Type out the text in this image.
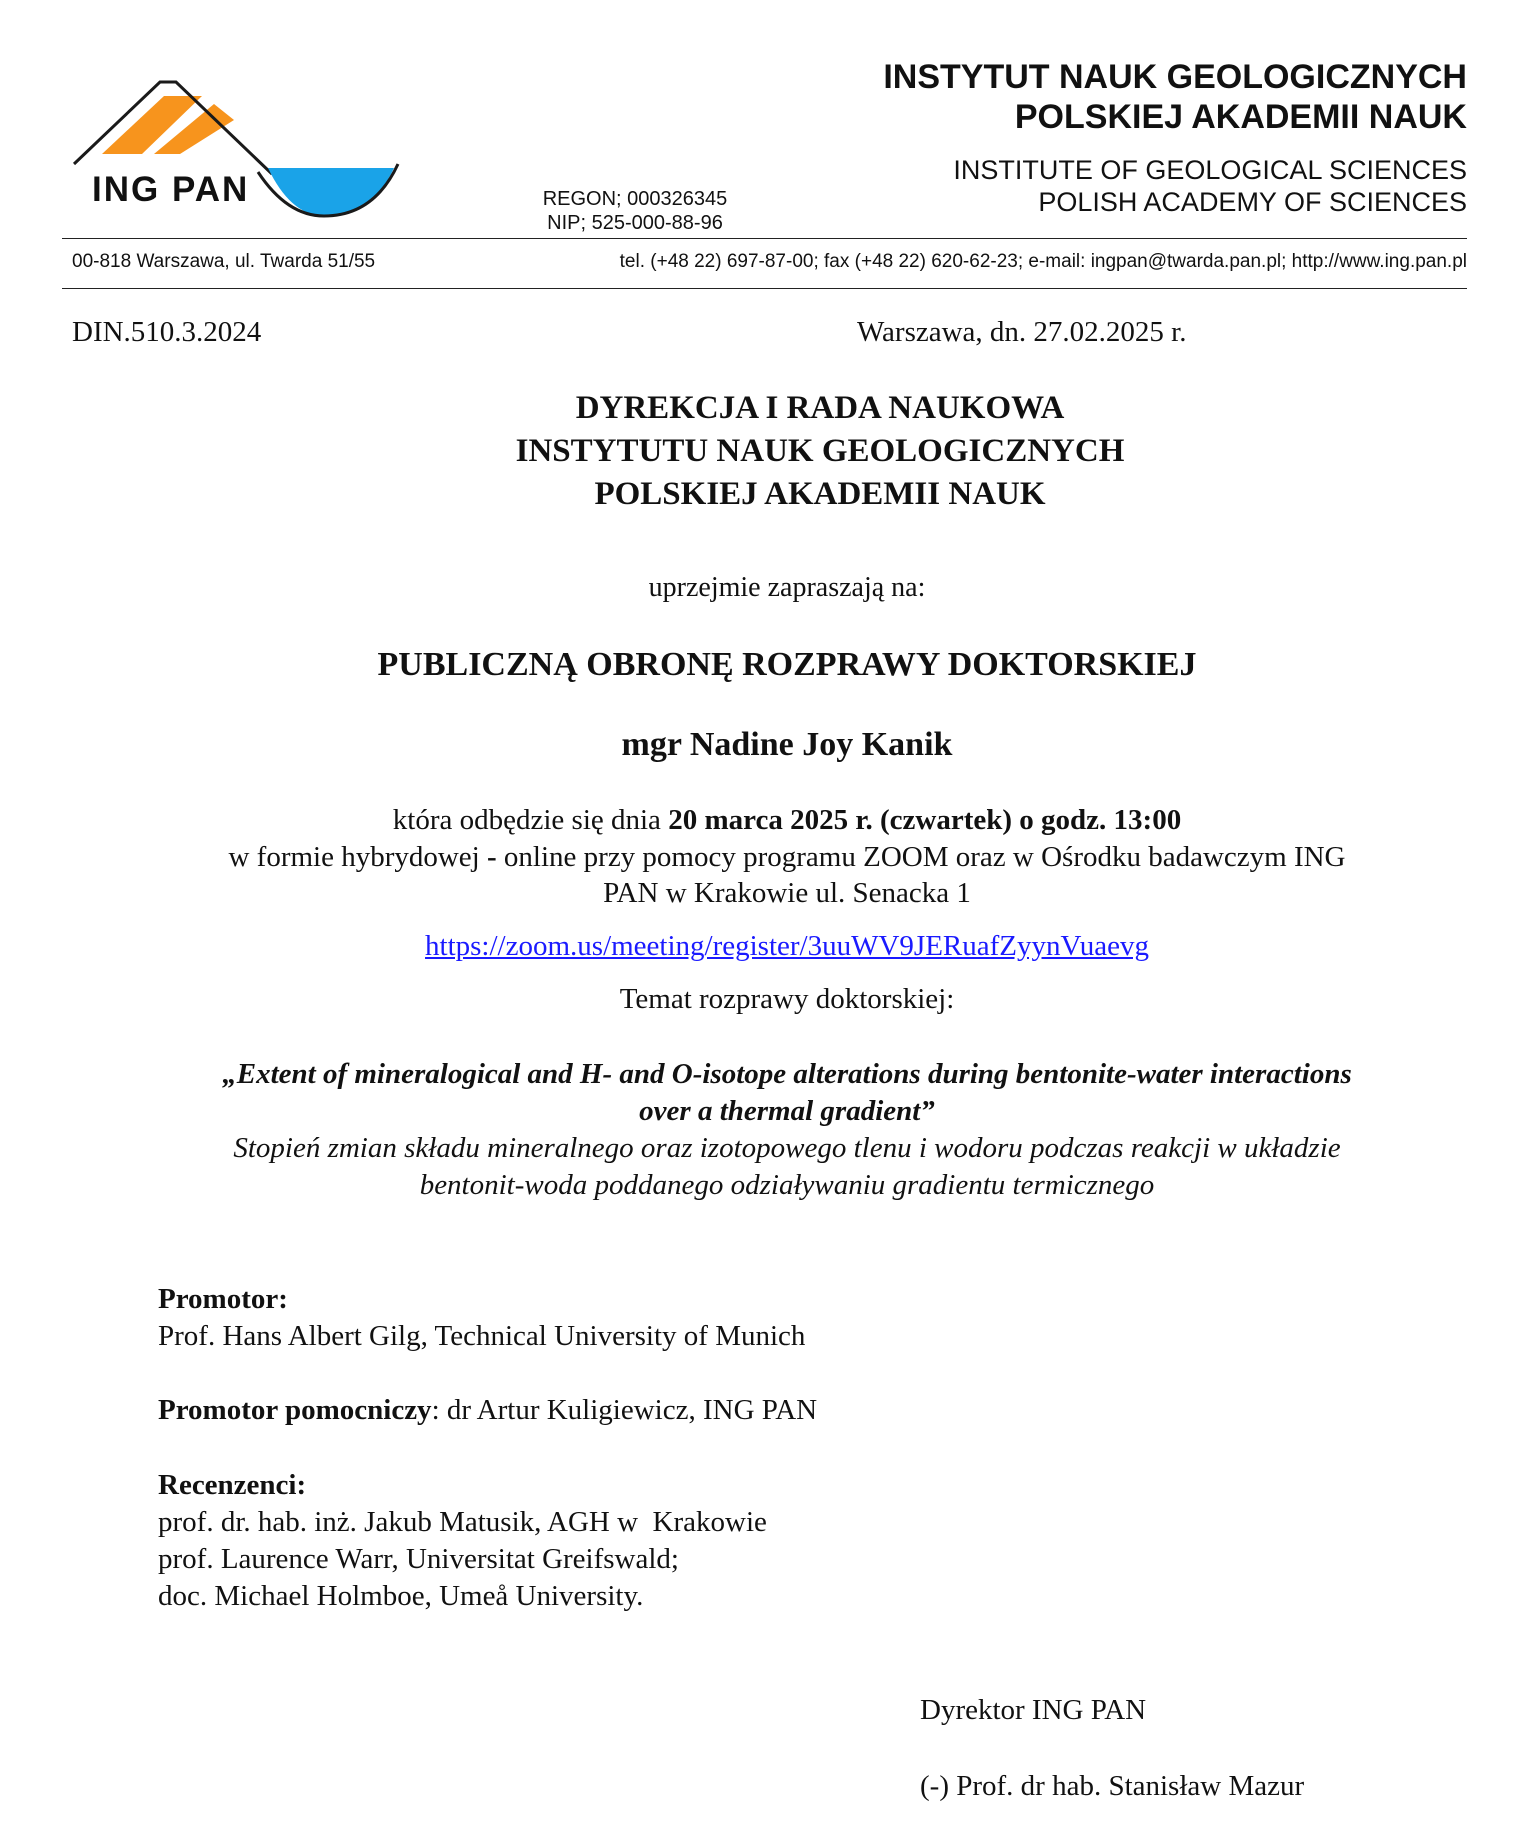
ING PAN
INSTYTUT NAUK GEOLOGICZNYCH
POLSKIEJ AKADEMII NAUK
INSTITUTE OF GEOLOGICAL SCIENCES
POLISH ACADEMY OF SCIENCES
REGON; 000326345
NIP; 525-000-88-96
00-818 Warszawa, ul. Twarda 51/55	tel. (+48 22) 697-87-00; fax (+48 22) 620-62-23; e-mail: ingpan@twarda.pan.pl; http://www.ing.pan.pl
DIN.510.3.2024	Warszawa, dn. 27.02.2025 r.
DYREKCJA I RADA NAUKOWA
INSTYTUTU NAUK GEOLOGICZNYCH
POLSKIEJ AKADEMII NAUK
uprzejmie zapraszają na:
PUBLICZNĄ OBRONĘ ROZPRAWY DOKTORSKIEJ
mgr Nadine Joy Kanik
która odbędzie się dnia 20 marca 2025 r. (czwartek) o godz. 13:00
w formie hybrydowej - online przy pomocy programu ZOOM oraz w Ośrodku badawczym ING
PAN w Krakowie ul. Senacka 1
https://zoom.us/meeting/register/3uuWV9JERuafZyynVuaevg
Temat rozprawy doktorskiej:
„Extent of mineralogical and H- and O-isotope alterations during bentonite-water interactions
over a thermal gradient”
Stopień zmian składu mineralnego oraz izotopowego tlenu i wodoru podczas reakcji w układzie
bentonit-woda poddanego odziaływaniu gradientu termicznego
Promotor:
Prof. Hans Albert Gilg, Technical University of Munich
Promotor pomocniczy: dr Artur Kuligiewicz, ING PAN
Recenzenci:
prof. dr. hab. inż. Jakub Matusik, AGH w  Krakowie
prof. Laurence Warr, Universitat Greifswald;
doc. Michael Holmboe, Umeå University.
Dyrektor ING PAN
(-) Prof. dr hab. Stanisław Mazur
